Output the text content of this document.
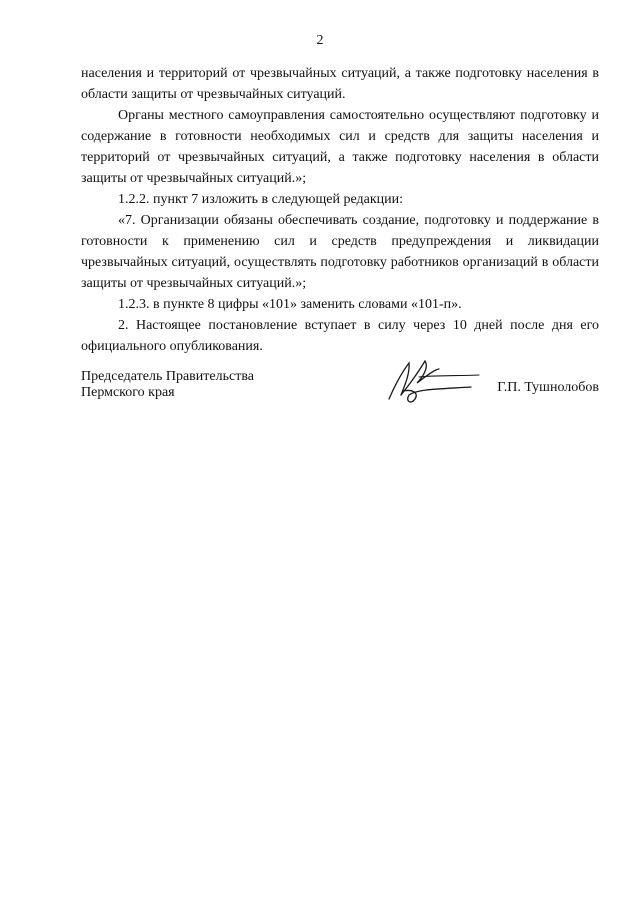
2

населения и территорий от чрезвычайных ситуаций, а также подготовку населения в области защиты от чрезвычайных ситуаций.

Органы местного самоуправления самостоятельно осуществляют подготовку и содержание в готовности необходимых сил и средств для защиты населения и территорий от чрезвычайных ситуаций, а также подготовку населения в области защиты от чрезвычайных ситуаций.»;

1.2.2. пункт 7 изложить в следующей редакции:

«7. Организации обязаны обеспечивать создание, подготовку и поддержание в готовности к применению сил и средств предупреждения и ликвидации чрезвычайных ситуаций, осуществлять подготовку работников организаций в области защиты от чрезвычайных ситуаций.»;

1.2.3. в пункте 8 цифры «101» заменить словами «101-п».

2. Настоящее постановление вступает в силу через 10 дней после дня его официального опубликования.

Председатель Правительства
Пермского края	Г.П. Тушнолобов
